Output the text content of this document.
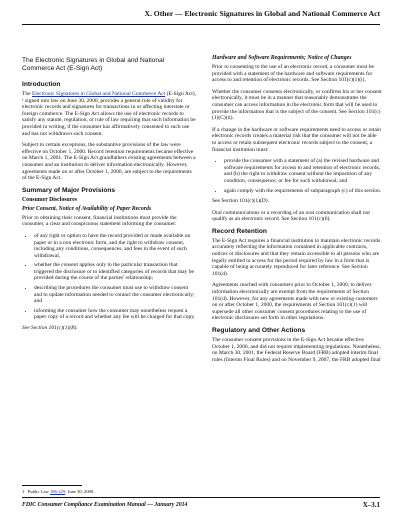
X. Other — Electronic Signatures in Global and National Commerce Act
The Electronic Signatures in Global and National Commerce Act (E-Sign Act)
Introduction

The Electronic Signatures in Global and National Commerce Act (E-Sign Act), ¹ signed into law on June 30, 2000, provides a general rule of validity for electronic records and signatures for transactions in or affecting interstate or foreign commerce. The E-Sign Act allows the use of electronic records to satisfy any statute, regulation, or rule of law requiring that such information be provided in writing, if the consumer has affirmatively consented to such use and has not withdrawn such consent.

Subject to certain exceptions, the substantive provisions of the law were effective on October 1, 2000. Record retention requirements became effective on March 1, 2001. The E-Sign Act grandfathers existing agreements between a consumer and an institution to deliver information electronically. However, agreements made on or after October 1, 2000, are subject to the requirements of the E-Sign Act.

Summary of Major Provisions
Consumer Disclosures
Prior Consent, Notice of Availability of Paper Records

Prior to obtaining their consent, financial institutions must provide the consumer, a clear and conspicuous statement informing the consumer:

• of any right or option to have the record provided or made available on paper or in a non electronic form, and the right to withdraw consent, including any conditions, consequences, and fees in the event of such withdrawal,
• whether the consent applies only to the particular transaction that triggered the disclosure or to identified categories of records that may be provided during the course of the parties' relationship;
• describing the procedures the consumer must use to withdraw consent and to update information needed to contact the consumer electronically; and
• informing the consumer how the consumer may nonetheless request a paper copy of a record and whether any fee will be charged for that copy.

See Section 101(c)(1)(B).

1 Public Law 106-229, June 30, 2000.

Hardware and Software Requirements; Notice of Changes

Prior to consenting to the use of an electronic record, a consumer must be provided with a statement of the hardware and software requirements for access to and retention of electronic records. See Section 101(c)(1)(i).

Whether the consumer consents electronically, or confirms his or her consent electronically, it must be in a manner that reasonably demonstrates the consumer can access information in the electronic form that will be used to provide the information that is the subject of the consent. See Section 101(c)(1)(C)(ii).

If a change in the hardware or software requirements need to access or retain electronic records creates a material risk that the consumer will not be able to access or retain subsequent electronic records subject to the consent, a financial institution must:

• provide the consumer with a statement of (a) the revised hardware and software requirements for access to and retention of electronic records, and (b) the right to withdraw consent without the imposition of any condition, consequence, or fee for such withdrawal; and
• again comply with the requirements of subparagraph (c) of this section.

See Section 101(c)(1)(D).

Oral communications or a recording of an oral communication shall not qualify as an electronic record. See Section 101(c)(6).

Record Retention

The E-Sign Act requires a financial institution to maintain electronic records accurately reflecting the information contained in applicable contracts, notices or disclosures and that they remain accessible to all persons who are legally entitled to access for the period required by law in a form that is capable of being accurately reproduced for later reference. See Section 101(d).

Agreements reached with consumers prior to October 1, 2000, to deliver information electronically are exempt from the requirements of Section 101(d). However, for any agreements made with new or existing customers on or after October 1, 2000, the requirements of Section 101(c)(1) will supersede all other consumer consent procedures relating to the use of electronic disclosures set forth in other regulations.

Regulatory and Other Actions

The consumer consent provisions in the E-Sign Act became effective October 1, 2000, and did not require implementing regulations. Nonetheless, on March 30, 2001, the Federal Reserve Board (FRB) adopted interim final rules (Interim Final Rules) and on November 9, 2007, the FRB adopted final

FDIC Consumer Compliance Examination Manual — January 2014	X–3.1
